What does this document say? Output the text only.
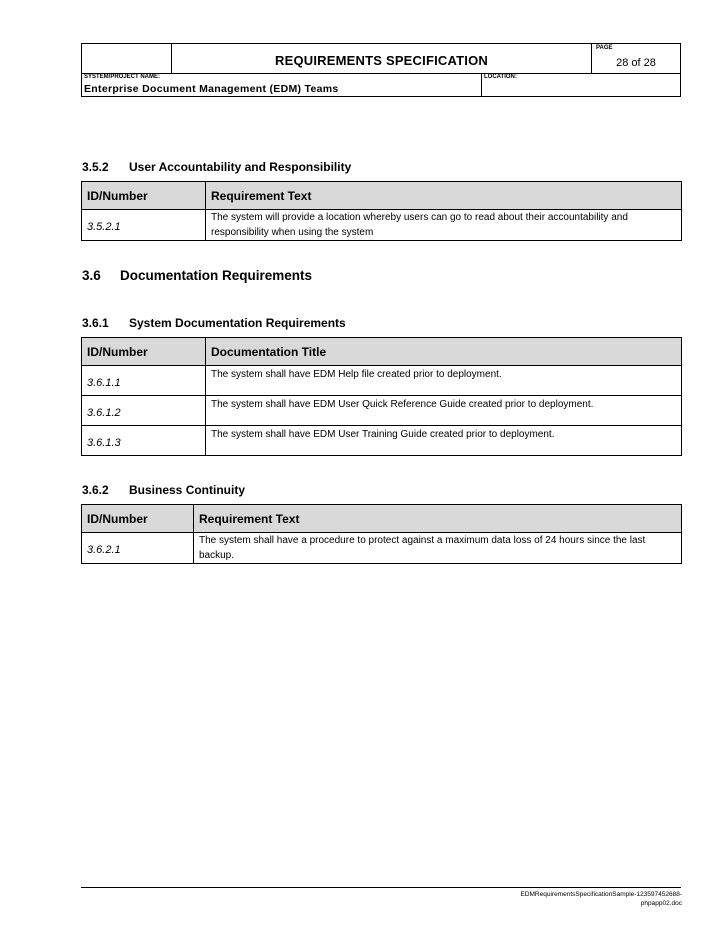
REQUIREMENTS SPECIFICATION
PAGE
28 of 28
SYSTEM/PROJECT NAME:
Enterprise Document Management (EDM) Teams
LOCATION:
3.5.2 User Accountability and Responsibility
ID/Number	Requirement Text
3.5.2.1	The system will provide a location whereby users can go to read about their accountability and responsibility when using the system
3.6 Documentation Requirements
3.6.1 System Documentation Requirements
ID/Number	Documentation Title
3.6.1.1	The system shall have EDM Help file created prior to deployment.
3.6.1.2	The system shall have EDM User Quick Reference Guide created prior to deployment.
3.6.1.3	The system shall have EDM User Training Guide created prior to deployment.
3.6.2 Business Continuity
ID/Number	Requirement Text
3.6.2.1	The system shall have a procedure to protect against a maximum data loss of 24 hours since the last backup.
EDMRequirementsSpecificationSample-123597452688-
phpapp02.doc
